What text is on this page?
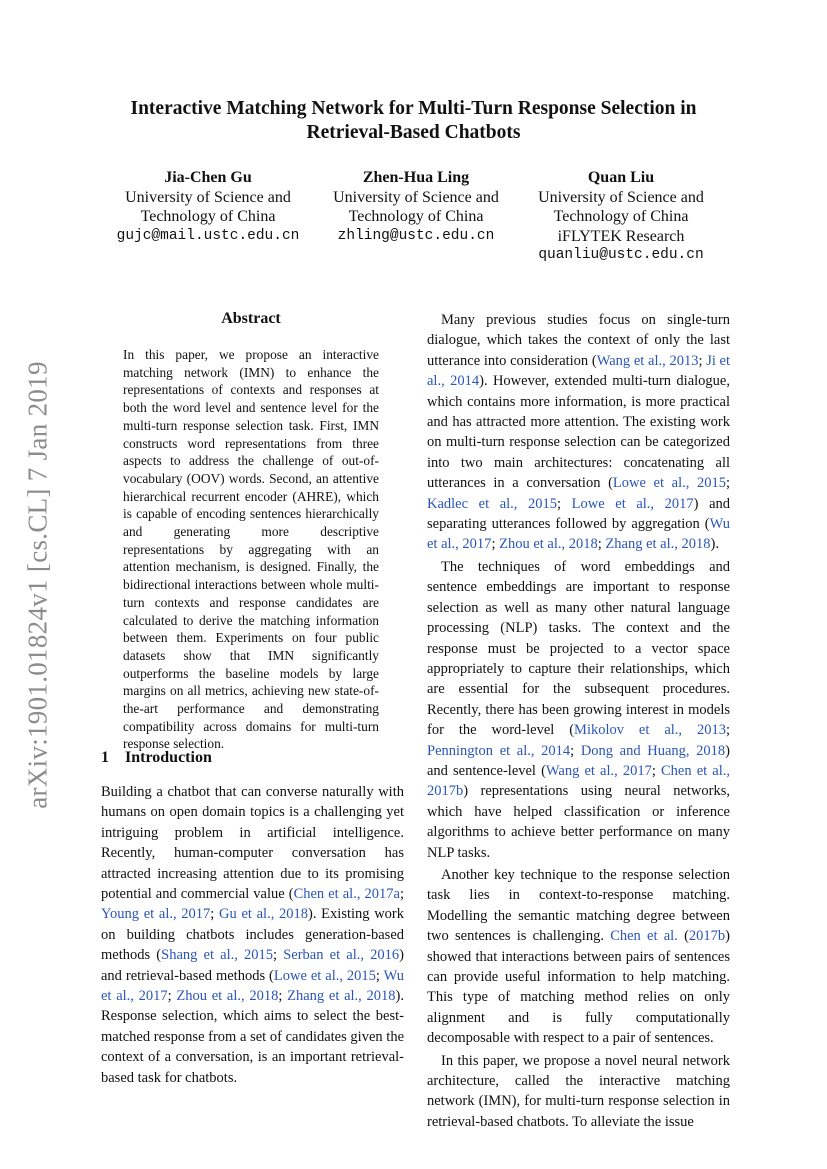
arXiv:1901.01824v1 [cs.CL] 7 Jan 2019
Interactive Matching Network for Multi-Turn Response Selection in
Retrieval-Based Chatbots
Jia-Chen Gu
University of Science and
Technology of China
gujc@mail.ustc.edu.cn
Zhen-Hua Ling
University of Science and
Technology of China
zhling@ustc.edu.cn
Quan Liu
University of Science and
Technology of China
iFLYTEK Research
quanliu@ustc.edu.cn
Abstract
In this paper, we propose an interactive matching network (IMN) to enhance the representations of contexts and responses at both the word level and sentence level for the multi-turn response selection task. First, IMN constructs word representations from three aspects to address the challenge of out-of-vocabulary (OOV) words. Second, an attentive hierarchical recurrent encoder (AHRE), which is capable of encoding sentences hierarchically and generating more descriptive representations by aggregating with an attention mechanism, is designed. Finally, the bidirectional interactions between whole multi-turn contexts and response candidates are calculated to derive the matching information between them. Experiments on four public datasets show that IMN significantly outperforms the baseline models by large margins on all metrics, achieving new state-of-the-art performance and demonstrating compatibility across domains for multi-turn response selection.
1 Introduction

Building a chatbot that can converse naturally with humans on open domain topics is a challenging yet intriguing problem in artificial intelligence. Recently, human-computer conversation has attracted increasing attention due to its promising potential and commercial value (Chen et al., 2017a; Young et al., 2017; Gu et al., 2018). Existing work on building chatbots includes generation-based methods (Shang et al., 2015; Serban et al., 2016) and retrieval-based methods (Lowe et al., 2015; Wu et al., 2017; Zhou et al., 2018; Zhang et al., 2018). Response selection, which aims to select the best-matched response from a set of candidates given the context of a conversation, is an important retrieval-based task for chatbots.

Many previous studies focus on single-turn dialogue, which takes the context of only the last utterance into consideration (Wang et al., 2013; Ji et al., 2014). However, extended multi-turn dialogue, which contains more information, is more practical and has attracted more attention. The existing work on multi-turn response selection can be categorized into two main architectures: concatenating all utterances in a conversation (Lowe et al., 2015; Kadlec et al., 2015; Lowe et al., 2017) and separating utterances followed by aggregation (Wu et al., 2017; Zhou et al., 2018; Zhang et al., 2018).

The techniques of word embeddings and sentence embeddings are important to response selection as well as many other natural language processing (NLP) tasks. The context and the response must be projected to a vector space appropriately to capture their relationships, which are essential for the subsequent procedures. Recently, there has been growing interest in models for the word-level (Mikolov et al., 2013; Pennington et al., 2014; Dong and Huang, 2018) and sentence-level (Wang et al., 2017; Chen et al., 2017b) representations using neural networks, which have helped classification or inference algorithms to achieve better performance on many NLP tasks.

Another key technique to the response selection task lies in context-to-response matching. Modelling the semantic matching degree between two sentences is challenging. Chen et al. (2017b) showed that interactions between pairs of sentences can provide useful information to help matching. This type of matching method relies on only alignment and is fully computationally decomposable with respect to a pair of sentences.

In this paper, we propose a novel neural network architecture, called the interactive matching network (IMN), for multi-turn response selection in retrieval-based chatbots. To alleviate the issue
